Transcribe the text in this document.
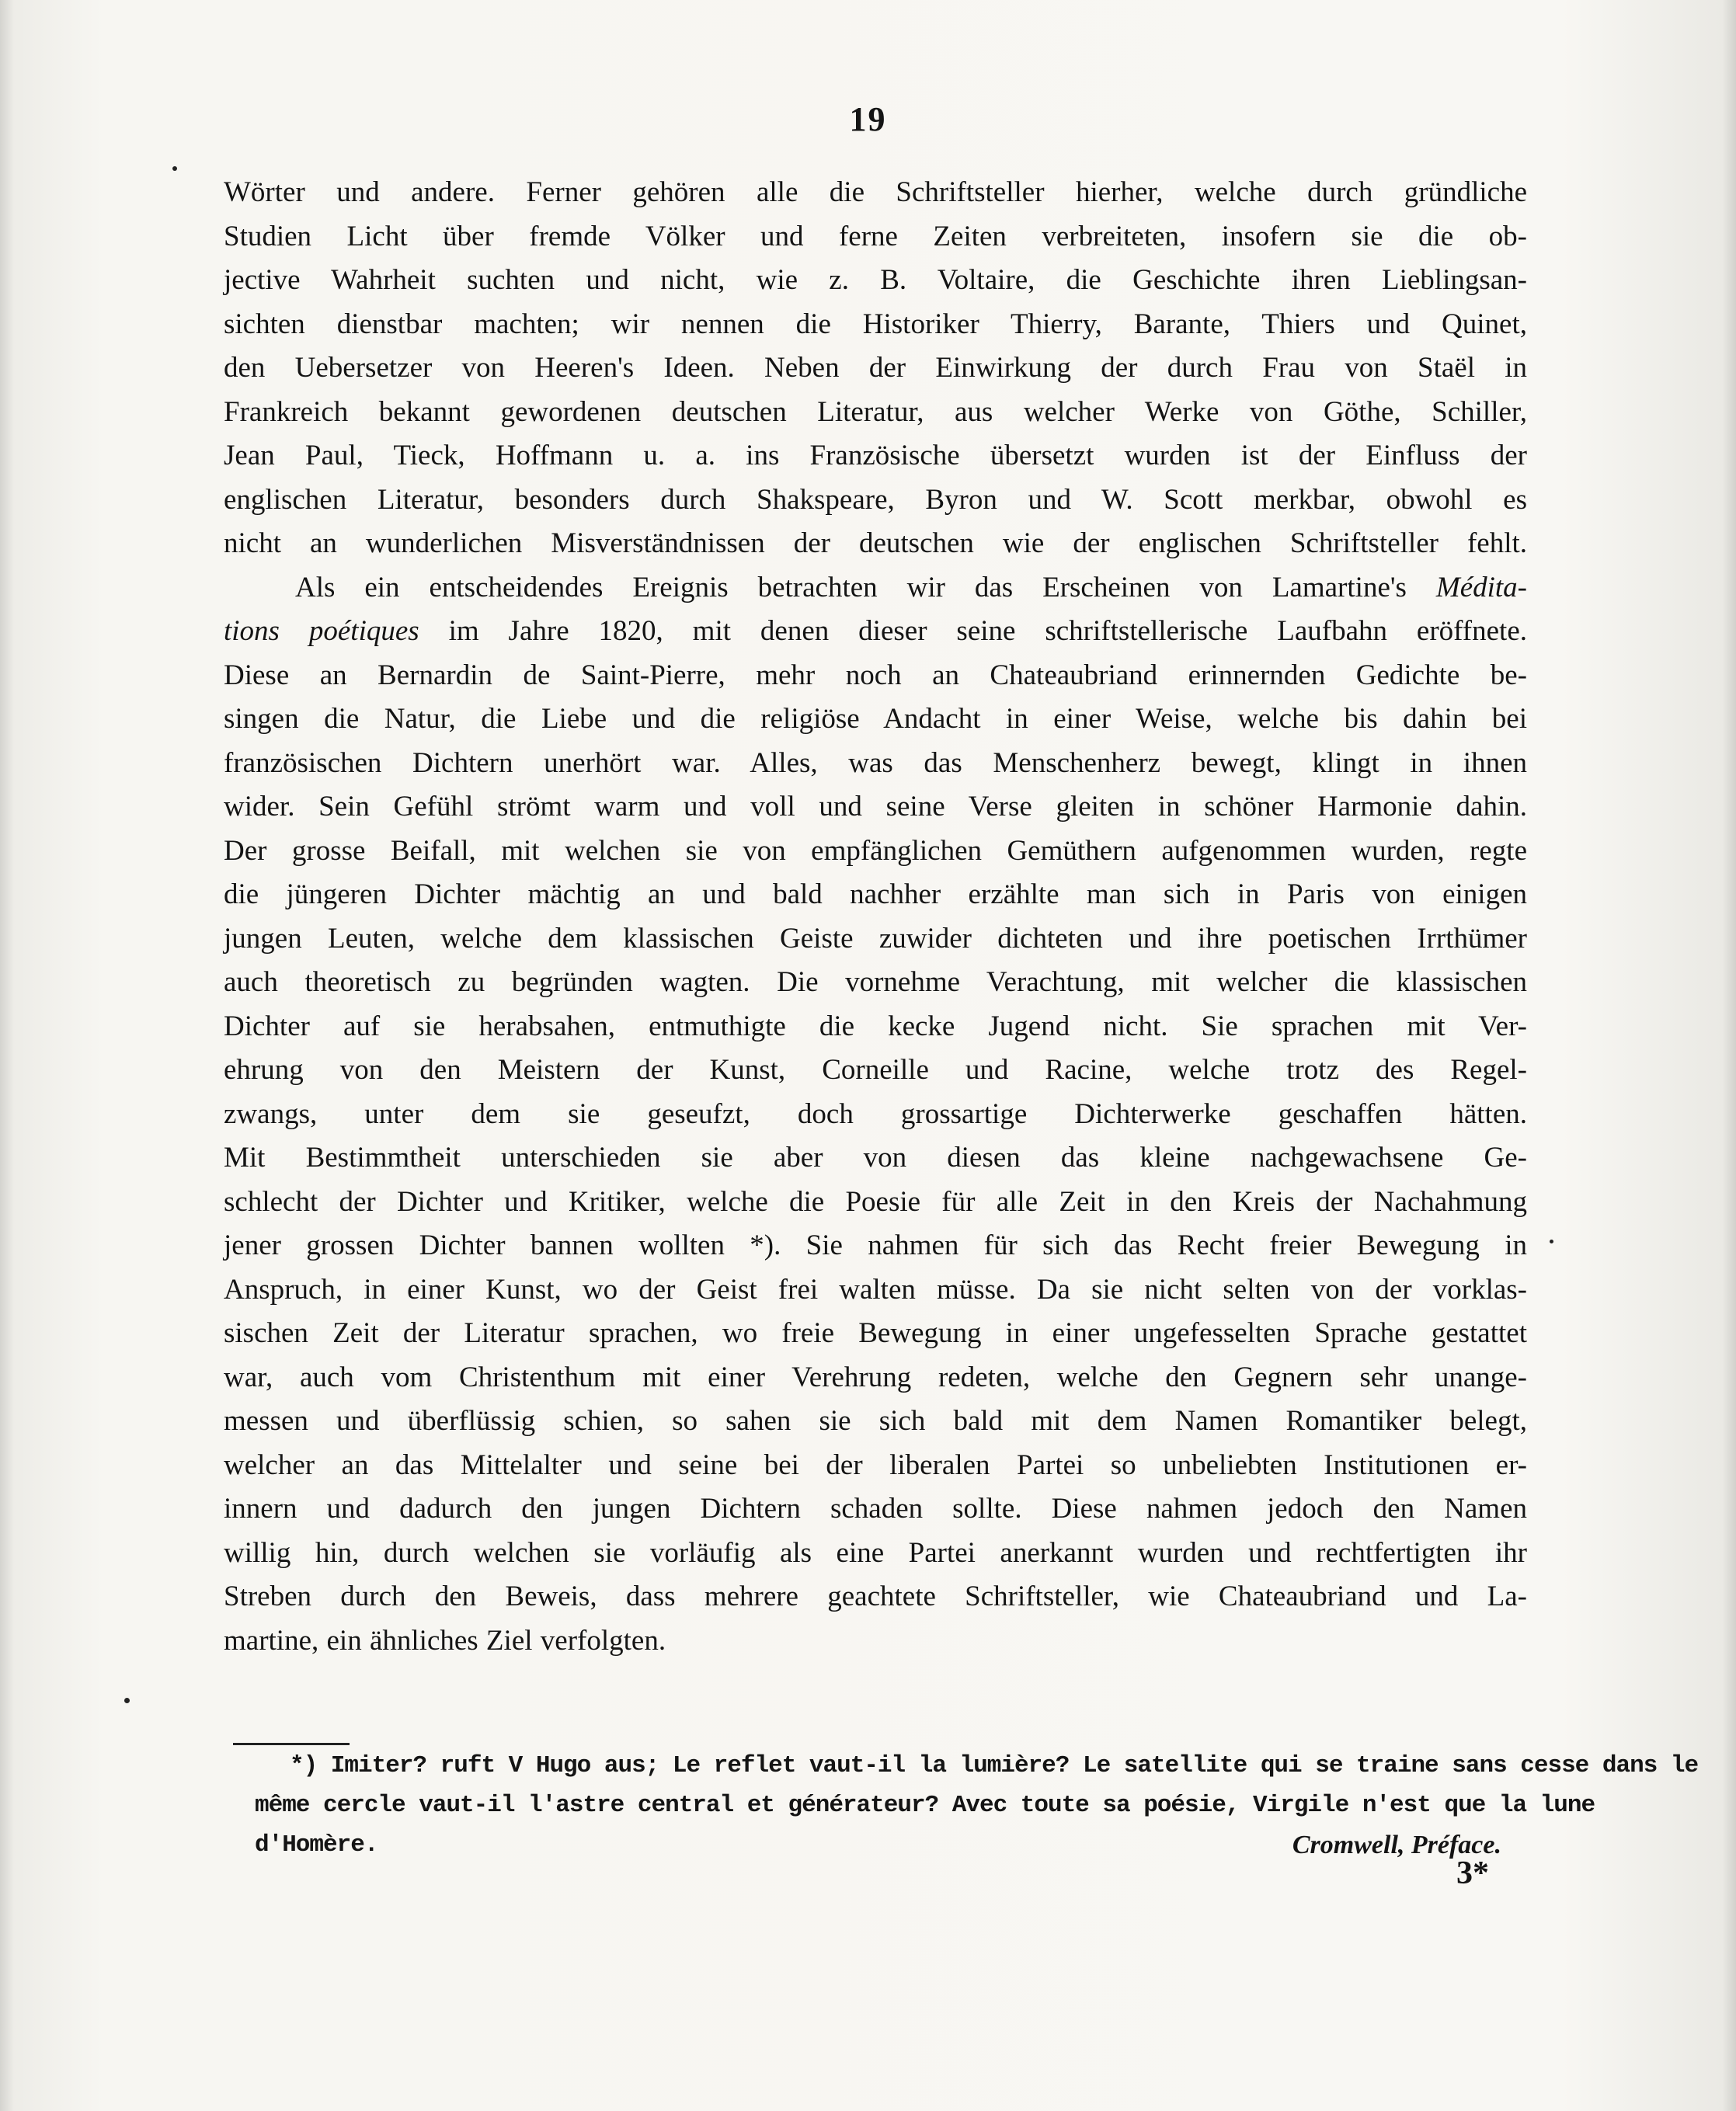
19
Wörter und andere. Ferner gehören alle die Schriftsteller hierher, welche durch gründliche
Studien Licht über fremde Völker und ferne Zeiten verbreiteten, insofern sie die ob-
jective Wahrheit suchten und nicht, wie z. B. Voltaire, die Geschichte ihren Lieblingsan-
sichten dienstbar machten; wir nennen die Historiker Thierry, Barante, Thiers und Quinet,
den Uebersetzer von Heeren's Ideen. Neben der Einwirkung der durch Frau von Staël in
Frankreich bekannt gewordenen deutschen Literatur, aus welcher Werke von Göthe, Schiller,
Jean Paul, Tieck, Hoffmann u. a. ins Französische übersetzt wurden ist der Einfluss der
englischen Literatur, besonders durch Shakspeare, Byron und W. Scott merkbar, obwohl es
nicht an wunderlichen Misverständnissen der deutschen wie der englischen Schriftsteller fehlt.
Als ein entscheidendes Ereignis betrachten wir das Erscheinen von Lamartine's Médita-
tions poétiques im Jahre 1820, mit denen dieser seine schriftstellerische Laufbahn eröffnete.
Diese an Bernardin de Saint-Pierre, mehr noch an Chateaubriand erinnernden Gedichte be-
singen die Natur, die Liebe und die religiöse Andacht in einer Weise, welche bis dahin bei
französischen Dichtern unerhört war. Alles, was das Menschenherz bewegt, klingt in ihnen
wider. Sein Gefühl strömt warm und voll und seine Verse gleiten in schöner Harmonie dahin.
Der grosse Beifall, mit welchen sie von empfänglichen Gemüthern aufgenommen wurden, regte
die jüngeren Dichter mächtig an und bald nachher erzählte man sich in Paris von einigen
jungen Leuten, welche dem klassischen Geiste zuwider dichteten und ihre poetischen Irrthümer
auch theoretisch zu begründen wagten. Die vornehme Verachtung, mit welcher die klassischen
Dichter auf sie herabsahen, entmuthigte die kecke Jugend nicht. Sie sprachen mit Ver-
ehrung von den Meistern der Kunst, Corneille und Racine, welche trotz des Regel-
zwangs, unter dem sie geseufzt, doch grossartige Dichterwerke geschaffen hätten.
Mit Bestimmtheit unterschieden sie aber von diesen das kleine nachgewachsene Ge-
schlecht der Dichter und Kritiker, welche die Poesie für alle Zeit in den Kreis der Nachahmung
jener grossen Dichter bannen wollten *). Sie nahmen für sich das Recht freier Bewegung in
Anspruch, in einer Kunst, wo der Geist frei walten müsse. Da sie nicht selten von der vorklas-
sischen Zeit der Literatur sprachen, wo freie Bewegung in einer ungefesselten Sprache gestattet
war, auch vom Christenthum mit einer Verehrung redeten, welche den Gegnern sehr unange-
messen und überflüssig schien, so sahen sie sich bald mit dem Namen Romantiker belegt,
welcher an das Mittelalter und seine bei der liberalen Partei so unbeliebten Institutionen er-
innern und dadurch den jungen Dichtern schaden sollte. Diese nahmen jedoch den Namen
willig hin, durch welchen sie vorläufig als eine Partei anerkannt wurden und rechtfertigten ihr
Streben durch den Beweis, dass mehrere geachtete Schriftsteller, wie Chateaubriand und La-
martine, ein ähnliches Ziel verfolgten.
*) Imiter? ruft V Hugo aus; Le reflet vaut-il la lumière? Le satellite qui se traine sans cesse dans le
même cercle vaut-il l'astre central et générateur? Avec toute sa poésie, Virgile n'est que la lune
d'Homère.	Cromwell, Préface.
3*
